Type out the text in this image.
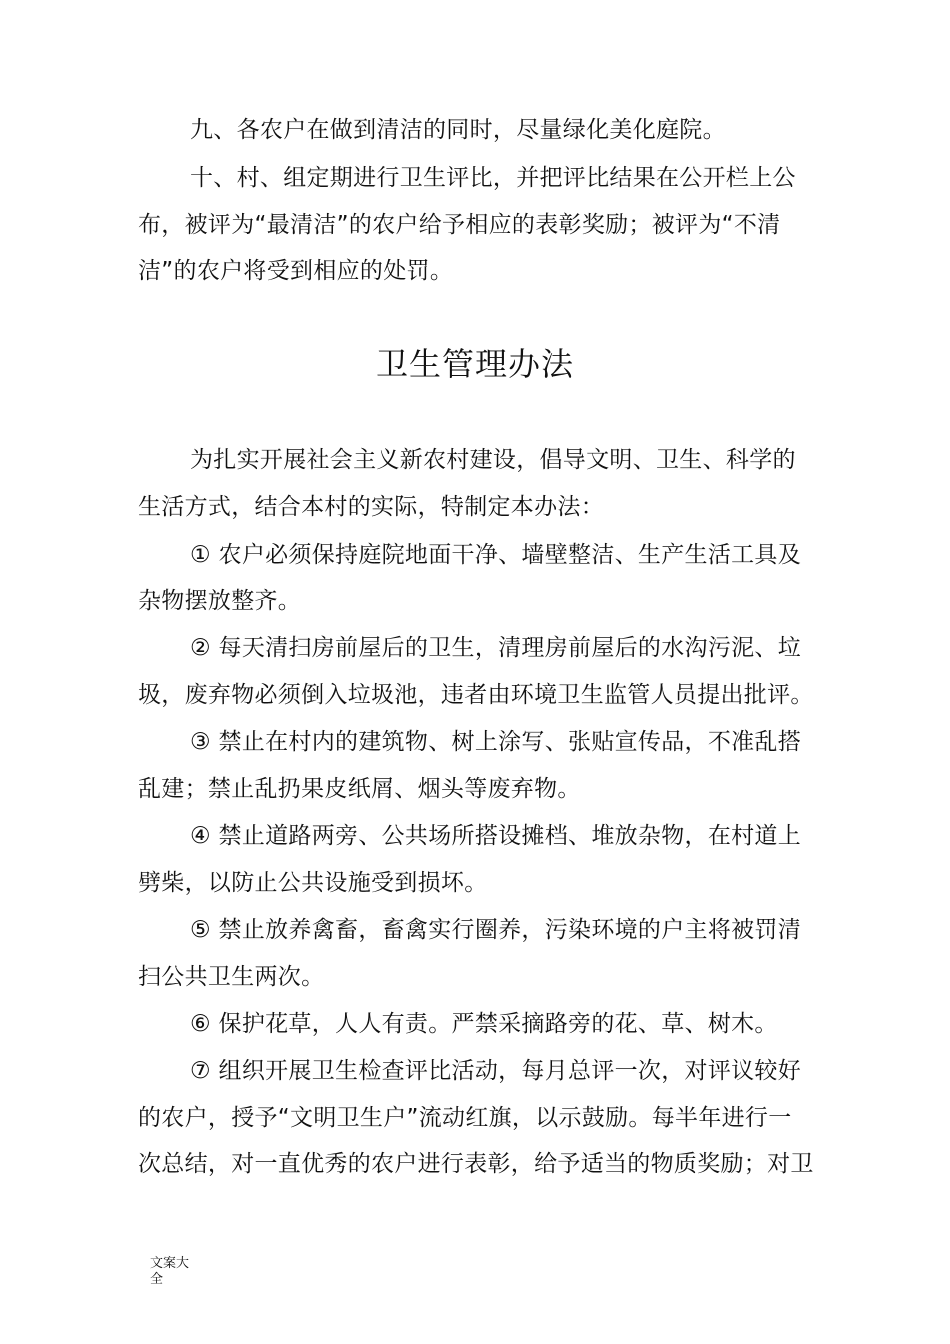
九、各农户在做到清洁的同时，尽量绿化美化庭院。
十、村、组定期进行卫生评比，并把评比结果在公开栏上公
布，被评为“最清洁”的农户给予相应的表彰奖励；被评为“不清
洁”的农户将受到相应的处罚。
卫生管理办法
为扎实开展社会主义新农村建设，倡导文明、卫生、科学的
生活方式，结合本村的实际，特制定本办法：
① 农户必须保持庭院地面干净、墙壁整洁、生产生活工具及
杂物摆放整齐。
② 每天清扫房前屋后的卫生，清理房前屋后的水沟污泥、垃
圾，废弃物必须倒入垃圾池，违者由环境卫生监管人员提出批评。
③ 禁止在村内的建筑物、树上涂写、张贴宣传品，不准乱搭
乱建；禁止乱扔果皮纸屑、烟头等废弃物。
④ 禁止道路两旁、公共场所搭设摊档、堆放杂物，在村道上
劈柴，以防止公共设施受到损坏。
⑤ 禁止放养禽畜，畜禽实行圈养，污染环境的户主将被罚清
扫公共卫生两次。
⑥ 保护花草，人人有责。严禁采摘路旁的花、草、树木。
⑦ 组织开展卫生检查评比活动，每月总评一次，对评议较好
的农户，授予“文明卫生户”流动红旗，以示鼓励。每半年进行一
次总结，对一直优秀的农户进行表彰，给予适当的物质奖励；对卫
文案大全
